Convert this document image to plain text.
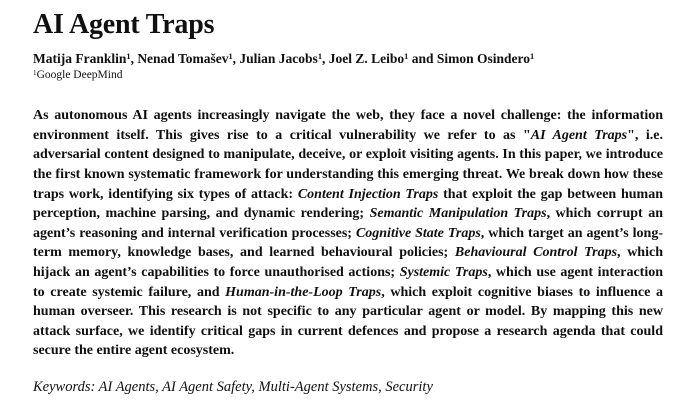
AI Agent Traps
Matija Franklin$^1$, Nenad Tomašev$^1$, Julian Jacobs$^1$, Joel Z. Leibo$^1$ and Simon Osindero$^1$
$^1$Google DeepMind

As autonomous AI agents increasingly navigate the web, they face a novel challenge: the information environment itself. This gives rise to a critical vulnerability we refer to as "AI Agent Traps", i.e. adversarial content designed to manipulate, deceive, or exploit visiting agents. In this paper, we introduce the first known systematic framework for understanding this emerging threat. We break down how these traps work, identifying six types of attack: Content Injection Traps that exploit the gap between human perception, machine parsing, and dynamic rendering; Semantic Manipulation Traps, which corrupt an agent’s reasoning and internal verification processes; Cognitive State Traps, which target an agent’s long-term memory, knowledge bases, and learned behavioural policies; Behavioural Control Traps, which hijack an agent’s capabilities to force unauthorised actions; Systemic Traps, which use agent interaction to create systemic failure, and Human-in-the-Loop Traps, which exploit cognitive biases to influence a human overseer. This research is not specific to any particular agent or model. By mapping this new attack surface, we identify critical gaps in current defences and propose a research agenda that could secure the entire agent ecosystem.

Keywords: AI Agents, AI Agent Safety, Multi-Agent Systems, Security
